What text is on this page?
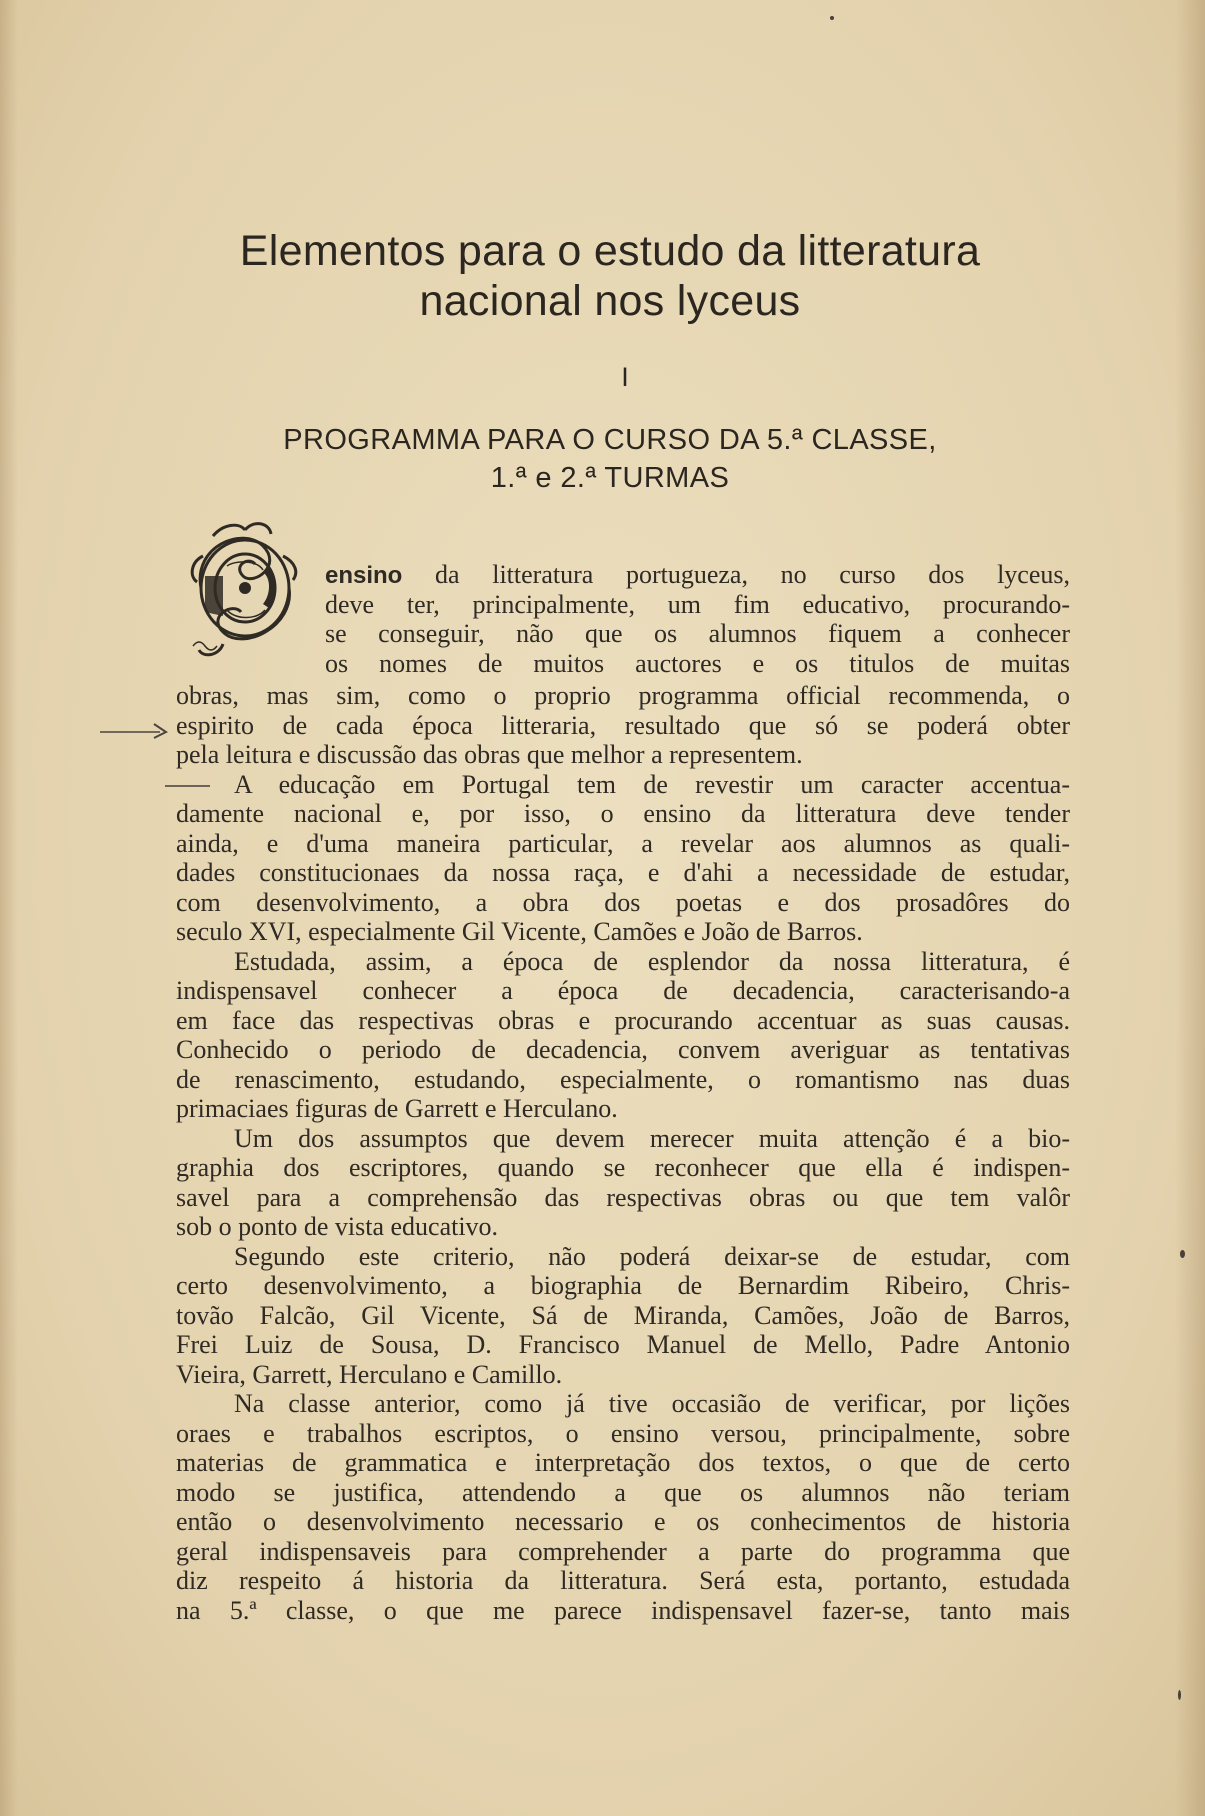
Elementos para o estudo da litteratura
nacional nos lyceus
I
PROGRAMMA PARA O CURSO DA 5.ª CLASSE,
1.ª e 2.ª TURMAS
ensino da litteratura portugueza, no curso dos lyceus,
deve ter, principalmente, um fim educativo, procurando-
se conseguir, não que os alumnos fiquem a conhecer
os nomes de muitos auctores e os titulos de muitas
obras, mas sim, como o proprio programma official recommenda, o
espirito de cada época litteraria, resultado que só se poderá obter
pela leitura e discussão das obras que melhor a representem.
A educação em Portugal tem de revestir um caracter accentua-
damente nacional e, por isso, o ensino da litteratura deve tender
ainda, e d'uma maneira particular, a revelar aos alumnos as quali-
dades constitucionaes da nossa raça, e d'ahi a necessidade de estudar,
com desenvolvimento, a obra dos poetas e dos prosadôres do
seculo XVI, especialmente Gil Vicente, Camões e João de Barros.
Estudada, assim, a época de esplendor da nossa litteratura, é
indispensavel conhecer a época de decadencia, caracterisando-a
em face das respectivas obras e procurando accentuar as suas causas.
Conhecido o periodo de decadencia, convem averiguar as tentativas
de renascimento, estudando, especialmente, o romantismo nas duas
primaciaes figuras de Garrett e Herculano.
Um dos assumptos que devem merecer muita attenção é a bio-
graphia dos escriptores, quando se reconhecer que ella é indispen-
savel para a comprehensão das respectivas obras ou que tem valôr
sob o ponto de vista educativo.
Segundo este criterio, não poderá deixar-se de estudar, com
certo desenvolvimento, a biographia de Bernardim Ribeiro, Chris-
tovão Falcão, Gil Vicente, Sá de Miranda, Camões, João de Barros,
Frei Luiz de Sousa, D. Francisco Manuel de Mello, Padre Antonio
Vieira, Garrett, Herculano e Camillo.
Na classe anterior, como já tive occasião de verificar, por lições
oraes e trabalhos escriptos, o ensino versou, principalmente, sobre
materias de grammatica e interpretação dos textos, o que de certo
modo se justifica, attendendo a que os alumnos não teriam
então o desenvolvimento necessario e os conhecimentos de historia
geral indispensaveis para comprehender a parte do programma que
diz respeito á historia da litteratura. Será esta, portanto, estudada
na 5.ª classe, o que me parece indispensavel fazer-se, tanto mais
